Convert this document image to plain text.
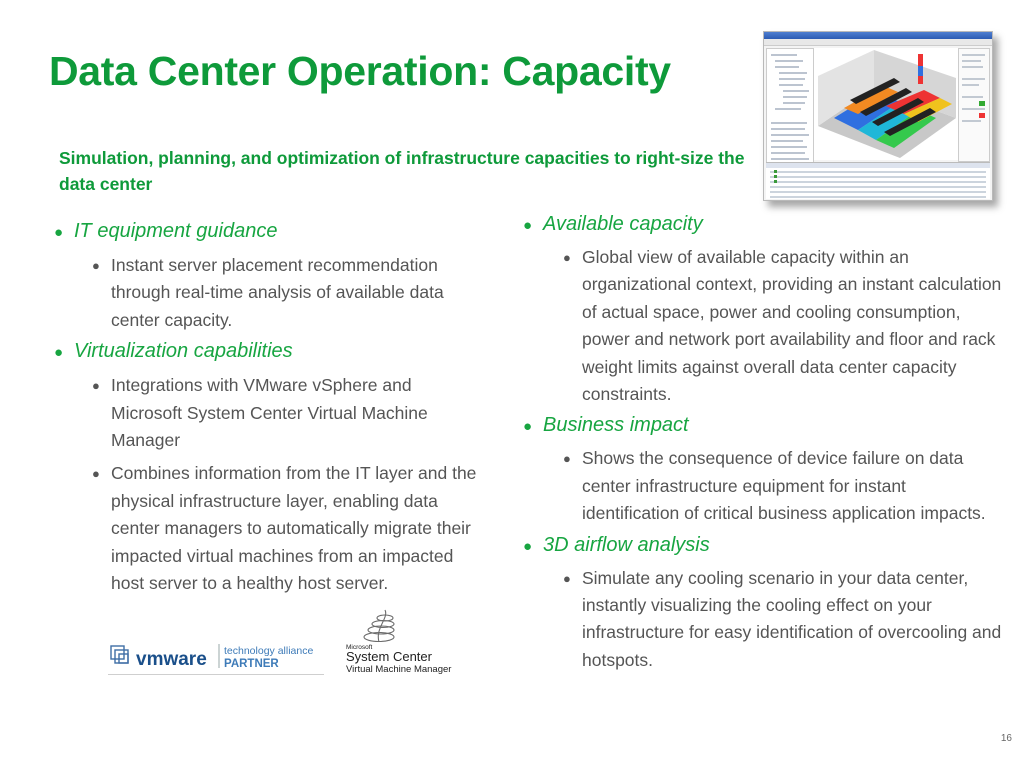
Data Center Operation: Capacity
Simulation, planning, and optimization of infrastructure capacities to right-size the data center
● IT equipment guidance
● Instant server placement recommendation through real-time analysis of available data center capacity.
● Virtualization capabilities
● Integrations with VMware vSphere and Microsoft System Center Virtual Machine Manager
● Combines information from the IT layer and the physical infrastructure layer, enabling data center managers to automatically migrate their impacted virtual machines from an impacted host server to a healthy host server.
● Available capacity
● Global view of available capacity within an organizational context, providing an instant calculation of actual space, power and cooling consumption, power and network port availability and floor and rack weight limits against overall data center capacity constraints.
● Business impact
● Shows the consequence of device failure on data center infrastructure equipment for instant identification of critical business application impacts.
● 3D airflow analysis
● Simulate any cooling scenario in your data center, instantly visualizing the cooling effect on your infrastructure for easy identification of overcooling and hotspots.
vmware technology alliance
PARTNER
Microsoft
System Center
Virtual Machine Manager
16
